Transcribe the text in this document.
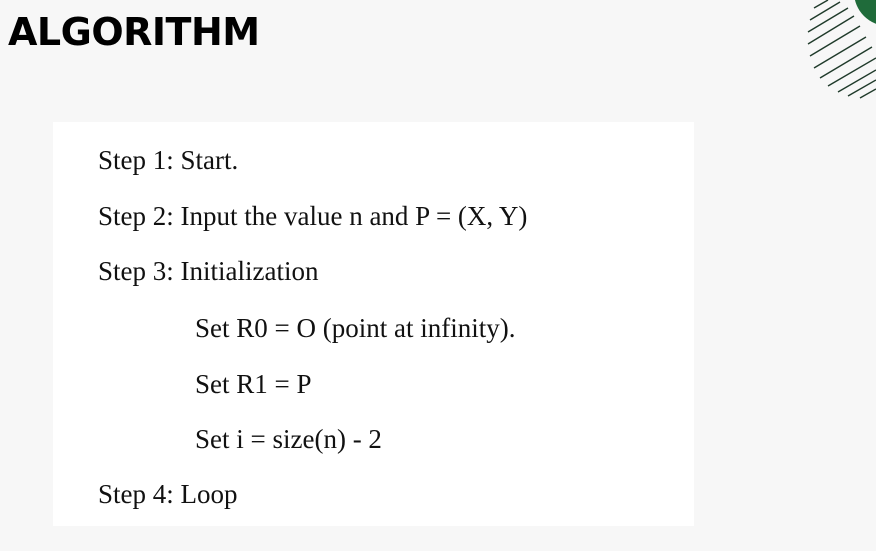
ALGORITHM

Step 1: Start.

Step 2: Input the value n and P = (X, Y)

Step 3: Initialization

Set R0 = O (point at infinity).

Set R1 = P

Set i = size(n) - 2

Step 4: Loop
